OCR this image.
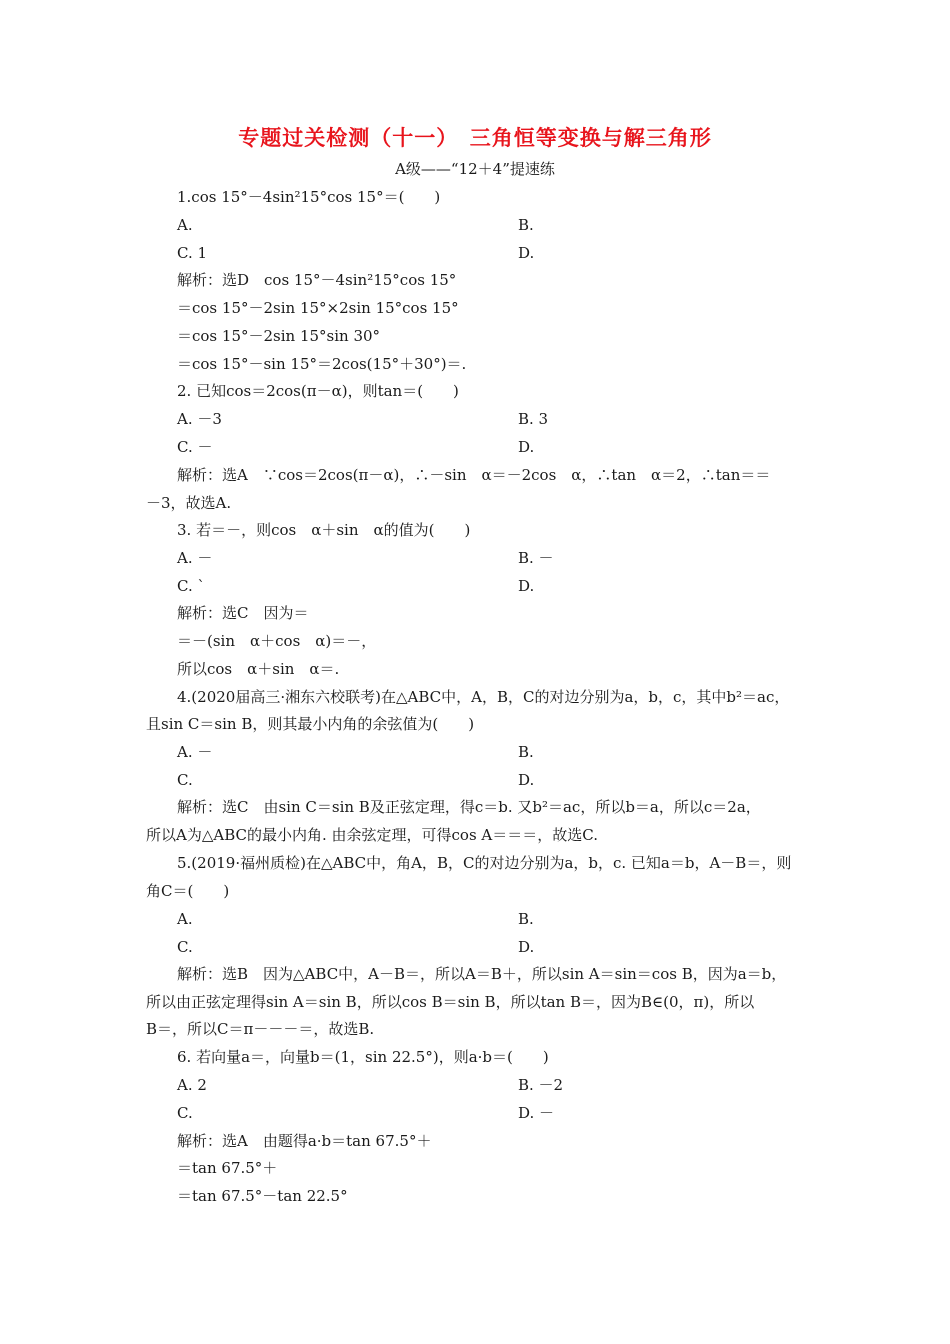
专题过关检测（十一）　三角恒等变换与解三角形
A级——“12＋4”提速练
1.cos 15°－4sin²15°cos 15°＝(　　)
A.	B.
C. 1	D.
解析：选D　cos 15°－4sin²15°cos 15°
＝cos 15°－2sin 15°×2sin 15°cos 15°
＝cos 15°－2sin 15°sin 30°
＝cos 15°－sin 15°＝2cos(15°＋30°)＝.
2. 已知cos＝2cos(π－α)，则tan＝(　　)
A. －3	B. 3
C. －	D.
解析：选A　∵cos＝2cos(π－α)，∴－sin　α＝－2cos　α，∴tan　α＝2，∴tan＝＝
－3，故选A.
3. 若＝－，则cos　α＋sin　α的值为(　　)
A. －	B. －
C. ˋ	D.
解析：选C　因为＝
＝－(sin　α＋cos　α)＝－，
所以cos　α＋sin　α＝.
4.(2020届高三·湘东六校联考)在△ABC中，A，B，C的对边分别为a，b，c，其中b²＝ac，
且sin C＝sin B，则其最小内角的余弦值为(　　)
A. －	B.
C.	D.
解析：选C　由sin C＝sin B及正弦定理，得c＝b. 又b²＝ac，所以b＝a，所以c＝2a，
所以A为△ABC的最小内角. 由余弦定理，可得cos A＝＝＝，故选C.
5.(2019·福州质检)在△ABC中，角A，B，C的对边分别为a，b，c. 已知a＝b，A－B＝，则
角C＝(　　)
A.	B.
C.	D.
解析：选B　因为△ABC中，A－B＝，所以A＝B＋，所以sin A＝sin＝cos B，因为a＝b，
所以由正弦定理得sin A＝sin B，所以cos B＝sin B，所以tan B＝，因为B∈(0，π)，所以
B＝，所以C＝π－－－＝，故选B.
6. 若向量a＝，向量b＝(1，sin 22.5°)，则a·b＝(　　)
A. 2	B. －2
C.	D. －
解析：选A　由题得a·b＝tan 67.5°＋
＝tan 67.5°＋
＝tan 67.5°－tan 22.5°
